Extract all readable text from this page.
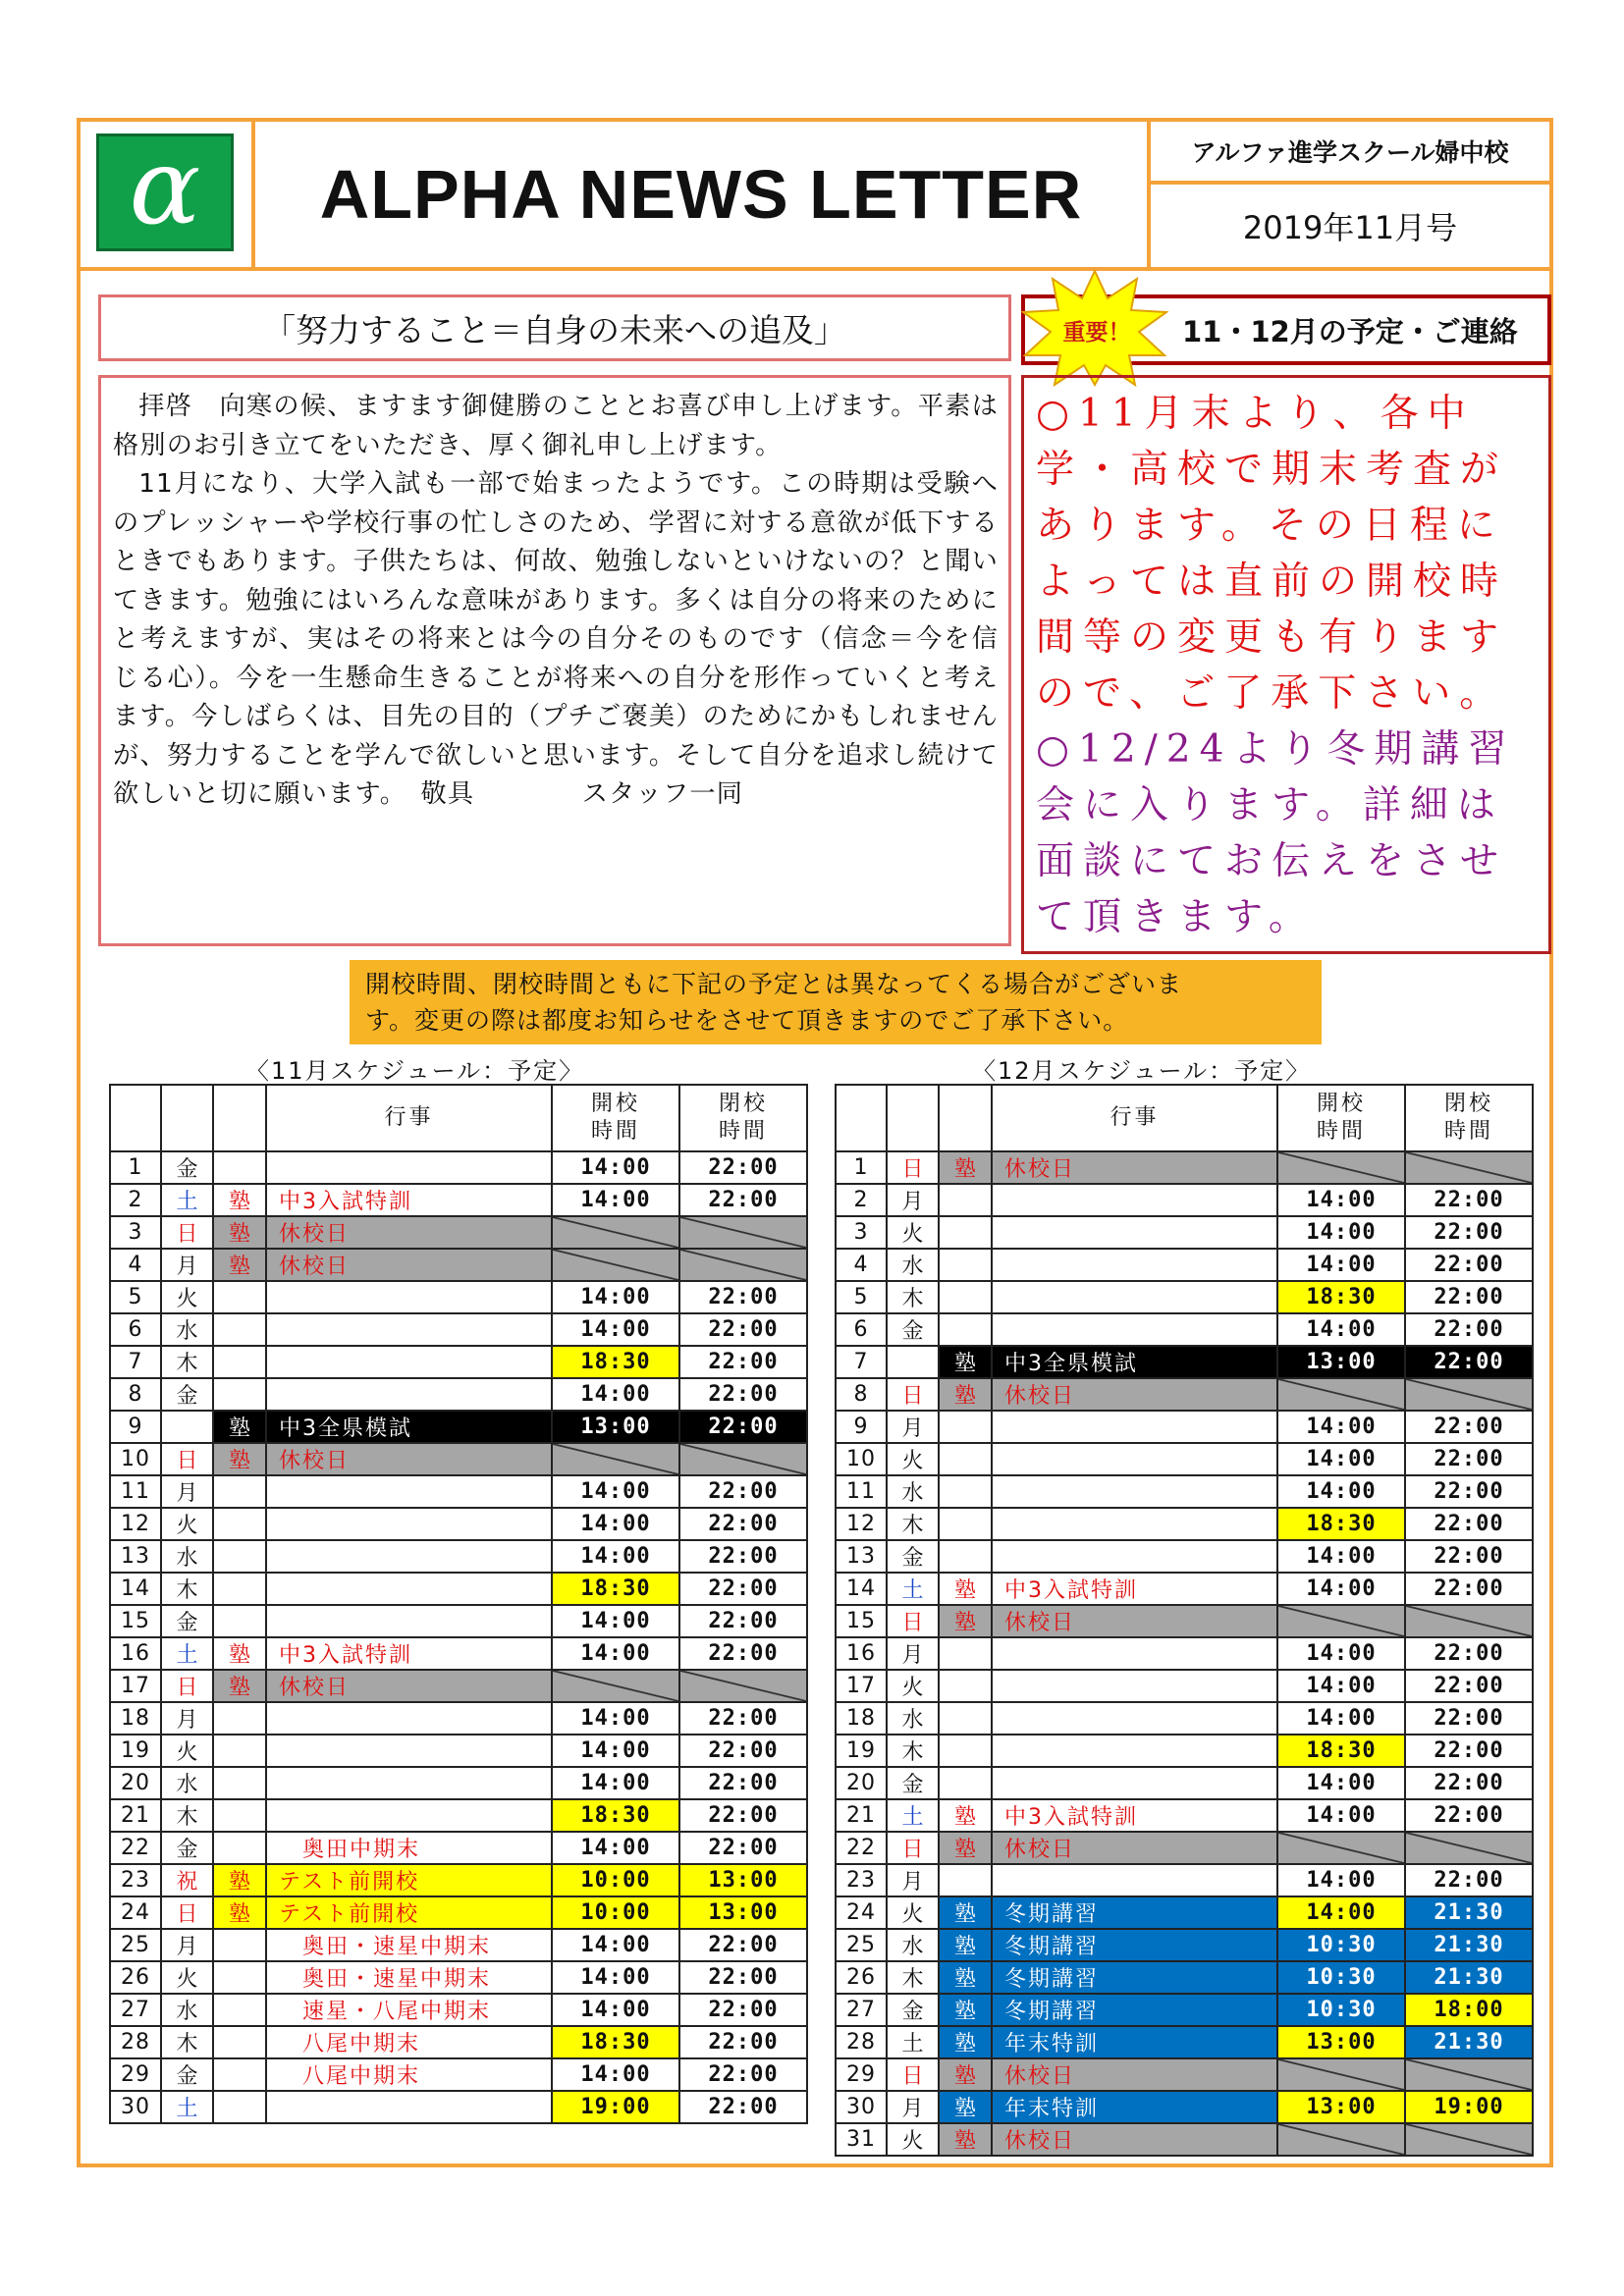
α ALPHA NEWS LETTER
アルファ進学スクール婦中校
2019年11月号
「努力すること＝自身の未来への追及」

拝啓　向寒の候、ますます御健勝のこととお喜び申し上げます。平素は格別のお引き立てをいただき、厚く御礼申し上げます。

11月になり、大学入試も一部で始まったようです。この時期は受験へのプレッシャーや学校行事の忙しさのため、学習に対する意欲が低下するときでもあります。子供たちは、何故、勉強しないといけないの？と聞いてきます。勉強にはいろんな意味があります。多くは自分の将来のためにと考えますが、実はその将来とは今の自分そのものです（信念＝今を信じる心）。今を一生懸命生きることが将来への自分を形作っていくと考えます。今しばらくは、目先の目的（プチご褒美）のためにかもしれませんが、努力することを学んで欲しいと思います。そして自分を追求し続けて欲しいと切に願います。　敬具　　　　スタッフ一同

11・12月の予定・ご連絡
重要！

○11月末より、各中学・高校で期末考査があります。その日程によっては直前の開校時間等の変更も有りますので、ご了承下さい。

○12/24より冬期講習会に入ります。詳細は面談にてお伝えをさせて頂きます。

開校時間、閉校時間ともに下記の予定とは異なってくる場合がございま
す。変更の際は都度お知らせをさせて頂きますのでご了承下さい。
〈11月スケジュール：予定〉	〈12月スケジュール：予定〉
			行事	開校
時間	閉校
時間
1	金			14:00	22:00
2	土	塾	中3入試特訓	14:00	22:00
3	日	塾	休校日		
4	月	塾	休校日		
5	火			14:00	22:00
6	水			14:00	22:00
7	木			18:30	22:00
8	金			14:00	22:00
9	土	塾	中3全県模試	13:00	22:00
10	日	塾	休校日		
11	月			14:00	22:00
12	火			14:00	22:00
13	水			14:00	22:00
14	木			18:30	22:00
15	金			14:00	22:00
16	土	塾	中3入試特訓	14:00	22:00
17	日	塾	休校日		
18	月			14:00	22:00
19	火			14:00	22:00
20	水			14:00	22:00
21	木			18:30	22:00
22	金		　奥田中期末	14:00	22:00
23	祝	塾	テスト前開校	10:00	13:00
24	日	塾	テスト前開校	10:00	13:00
25	月		　奥田・速星中期末	14:00	22:00
26	火		　奥田・速星中期末	14:00	22:00
27	水		　速星・八尾中期末	14:00	22:00
28	木		　八尾中期末	18:30	22:00
29	金		　八尾中期末	14:00	22:00
30	土			19:00	22:00
			行事	開校
時間	閉校
時間
1	日	塾	休校日		
2	月			14:00	22:00
3	火			14:00	22:00
4	水			14:00	22:00
5	木			18:30	22:00
6	金			14:00	22:00
7	土	塾	中3全県模試	13:00	22:00
8	日	塾	休校日		
9	月			14:00	22:00
10	火			14:00	22:00
11	水			14:00	22:00
12	木			18:30	22:00
13	金			14:00	22:00
14	土	塾	中3入試特訓	14:00	22:00
15	日	塾	休校日		
16	月			14:00	22:00
17	火			14:00	22:00
18	水			14:00	22:00
19	木			18:30	22:00
20	金			14:00	22:00
21	土	塾	中3入試特訓	14:00	22:00
22	日	塾	休校日		
23	月			14:00	22:00
24	火	塾	冬期講習	14:00	21:30
25	水	塾	冬期講習	10:30	21:30
26	木	塾	冬期講習	10:30	21:30
27	金	塾	冬期講習	10:30	18:00
28	土	塾	年末特訓	13:00	21:30
29	日	塾	休校日		
30	月	塾	年末特訓	13:00	19:00
31	火	塾	休校日		
